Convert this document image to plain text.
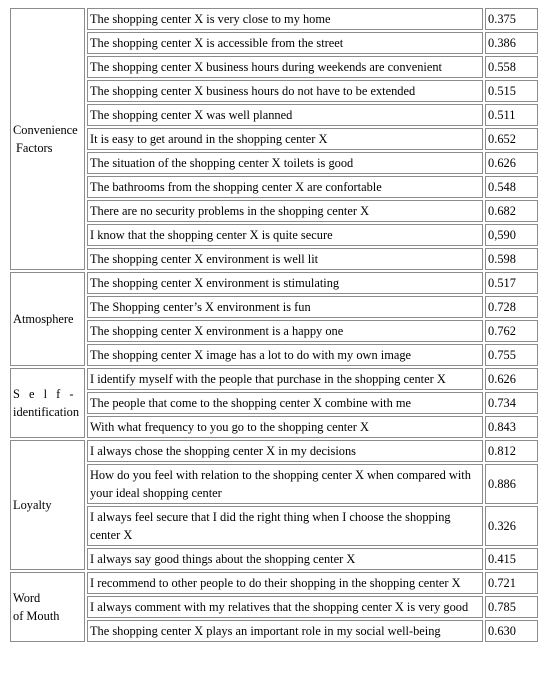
Convenience
Factors	The shopping center X is very close to my home	0.375
	The shopping center X is accessible from the street	0.386
	The shopping center X business hours during weekends are convenient	0.558
	The shopping center X business hours do not have to be extended	0.515
	The shopping center X was well planned	0.511
	It is easy to get around in the shopping center X	0.652
	The situation of the shopping center X toilets is good	0.626
	The bathrooms from the shopping center X are confortable	0.548
	There are no security problems in the shopping center X	0.682
	I know that the shopping center X is quite secure	0,590
	The shopping center X environment is well lit	0.598

Atmosphere	The shopping center X environment is stimulating	0.517
	The Shopping center’s X environment is fun	0.728
	The shopping center X environment is a happy one	0.762
	The shopping center X image has a lot to do with my own image	0.755

S e l f -
identification	I identify myself with the people that purchase in the shopping center X	0.626
	The people that come to the shopping center X combine with me	0.734
	With what frequency to you go to the shopping center X	0.843

Loyalty	I always chose the shopping center X in my decisions	0.812
	How do you feel with relation to the shopping center X when compared with your ideal shopping center	0.886
	I always feel secure that I did the right thing when I choose the shopping center X	0.326
	I always say good things about the shopping center X	0.415

Word
of Mouth	I recommend to other people to do their shopping in the shopping center X	0.721
	I always comment with my relatives that the shopping center X is very good	0.785
	The shopping center X plays an important role in my social well-being	0.630
